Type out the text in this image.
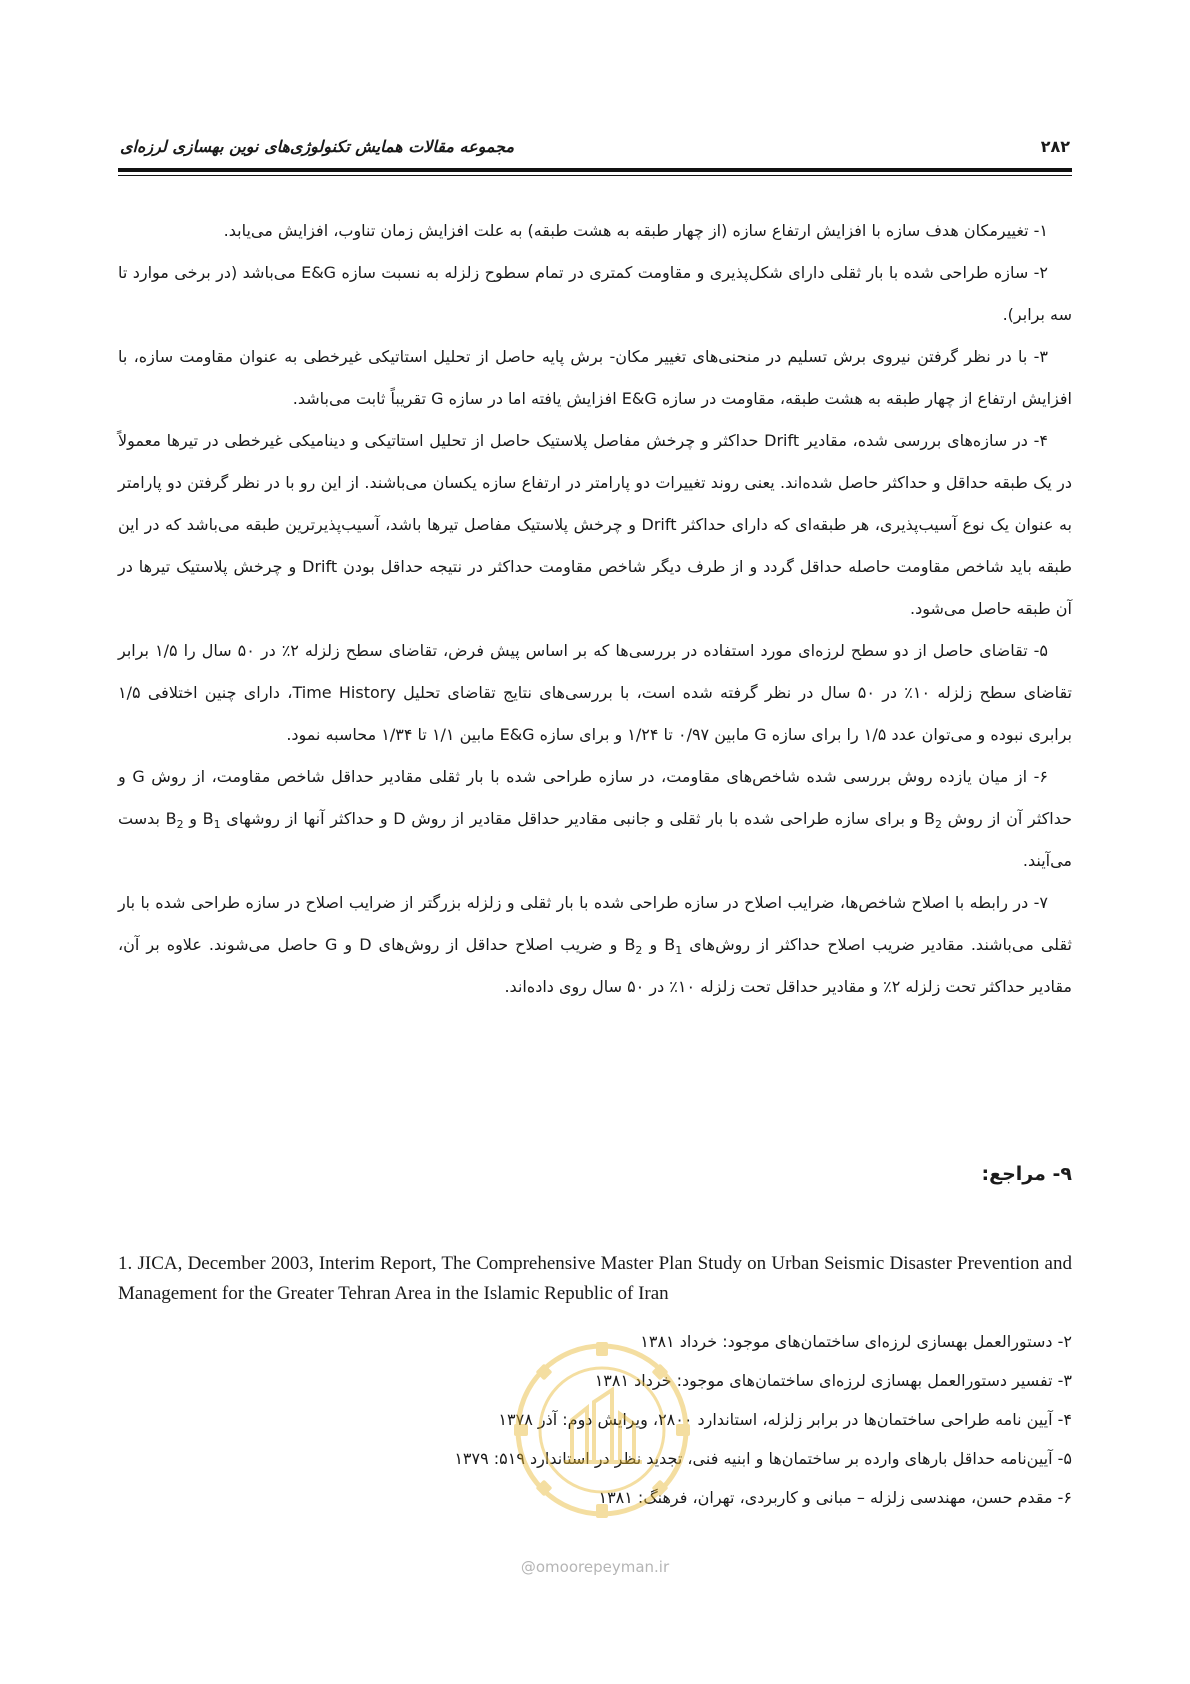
۲۸۲
مجموعه مقالات همایش تکنولوژی‌های نوین بهسازی لرزه‌ای

۱- تغییرمکان هدف سازه با افزایش ارتفاع سازه (از چهار طبقه به هشت طبقه) به علت افزایش زمان تناوب، افزایش می‌یابد.

۲- سازه طراحی شده با بار ثقلی دارای شکل‌پذیری و مقاومت کمتری در تمام سطوح زلزله به نسبت سازه E&G می‌باشد (در برخی موارد تا سه برابر).

۳- با در نظر گرفتن نیروی برش تسلیم در منحنی‌های تغییر مکان- برش پایه حاصل از تحلیل استاتیکی غیرخطی به عنوان مقاومت سازه، با افزایش ارتفاع از چهار طبقه به هشت طبقه، مقاومت در سازه E&G افزایش یافته اما در سازه G تقریباً ثابت می‌باشد.

۴- در سازه‌های بررسی شده، مقادیر Drift حداکثر و چرخش مفاصل پلاستیک حاصل از تحلیل استاتیکی و دینامیکی غیرخطی در تیرها معمولاً در یک طبقه حداقل و حداکثر حاصل شده‌اند. یعنی روند تغییرات دو پارامتر در ارتفاع سازه یکسان می‌باشند. از این رو با در نظر گرفتن دو پارامتر به عنوان یک نوع آسیب‌پذیری، هر طبقه‌ای که دارای حداکثر Drift و چرخش پلاستیک مفاصل تیرها باشد، آسیب‌پذیرترین طبقه می‌باشد که در این طبقه باید شاخص مقاومت حاصله حداقل گردد و از طرف دیگر شاخص مقاومت حداکثر در نتیجه حداقل بودن Drift و چرخش پلاستیک تیرها در آن طبقه حاصل می‌شود.

۵- تقاضای حاصل از دو سطح لرزه‌ای مورد استفاده در بررسی‌ها که بر اساس پیش فرض، تقاضای سطح زلزله ۲٪ در ۵۰ سال را ۱/۵ برابر تقاضای سطح زلزله ۱۰٪ در ۵۰ سال در نظر گرفته شده است، با بررسی‌های نتایج تقاضای تحلیل Time History، دارای چنین اختلافی ۱/۵ برابری نبوده و می‌توان عدد ۱/۵ را برای سازه G مابین ۰/۹۷ تا ۱/۲۴ و برای سازه E&G مابین ۱/۱ تا ۱/۳۴ محاسبه نمود.

۶- از میان یازده روش بررسی شده شاخص‌های مقاومت، در سازه طراحی شده با بار ثقلی مقادیر حداقل شاخص مقاومت، از روش G و حداکثر آن از روش $B_2$ و برای سازه طراحی شده با بار ثقلی و جانبی مقادیر حداقل مقادیر از روش D و حداکثر آنها از روشهای $B_1$ و $B_2$ بدست می‌آیند.

۷- در رابطه با اصلاح شاخص‌ها، ضرایب اصلاح در سازه طراحی شده با بار ثقلی و زلزله بزرگتر از ضرایب اصلاح در سازه طراحی شده با بار ثقلی می‌باشند. مقادیر ضریب اصلاح حداکثر از روش‌های $B_1$ و $B_2$ و ضریب اصلاح حداقل از روش‌های D و G حاصل می‌شوند. علاوه بر آن، مقادیر حداکثر تحت زلزله ۲٪ و مقادیر حداقل تحت زلزله ۱۰٪ در ۵۰ سال روی داده‌اند.

۹- مراجع:

1. JICA, December 2003, Interim Report, The Comprehensive Master Plan Study on Urban Seismic Disaster Prevention and Management for the Greater Tehran Area in the Islamic Republic of Iran

۲- دستورالعمل بهسازی لرزه‌ای ساختمان‌های موجود: خرداد ۱۳۸۱
۳- تفسیر دستورالعمل بهسازی لرزه‌ای ساختمان‌های موجود: خرداد ۱۳۸۱
۴- آیین نامه طراحی ساختمان‌ها در برابر زلزله، استاندارد ۲۸۰۰، ویرایش دوم: آذر ۱۳۷۸
۵- آیین‌نامه حداقل بارهای وارده بر ساختمان‌ها و ابنیه فنی، تجدید نظر در استاندارد ۵۱۹: ۱۳۷۹
۶- مقدم حسن، مهندسی زلزله – مبانی و کاربردی، تهران، فرهنگ: ۱۳۸۱
@omoorepeyman.ir
